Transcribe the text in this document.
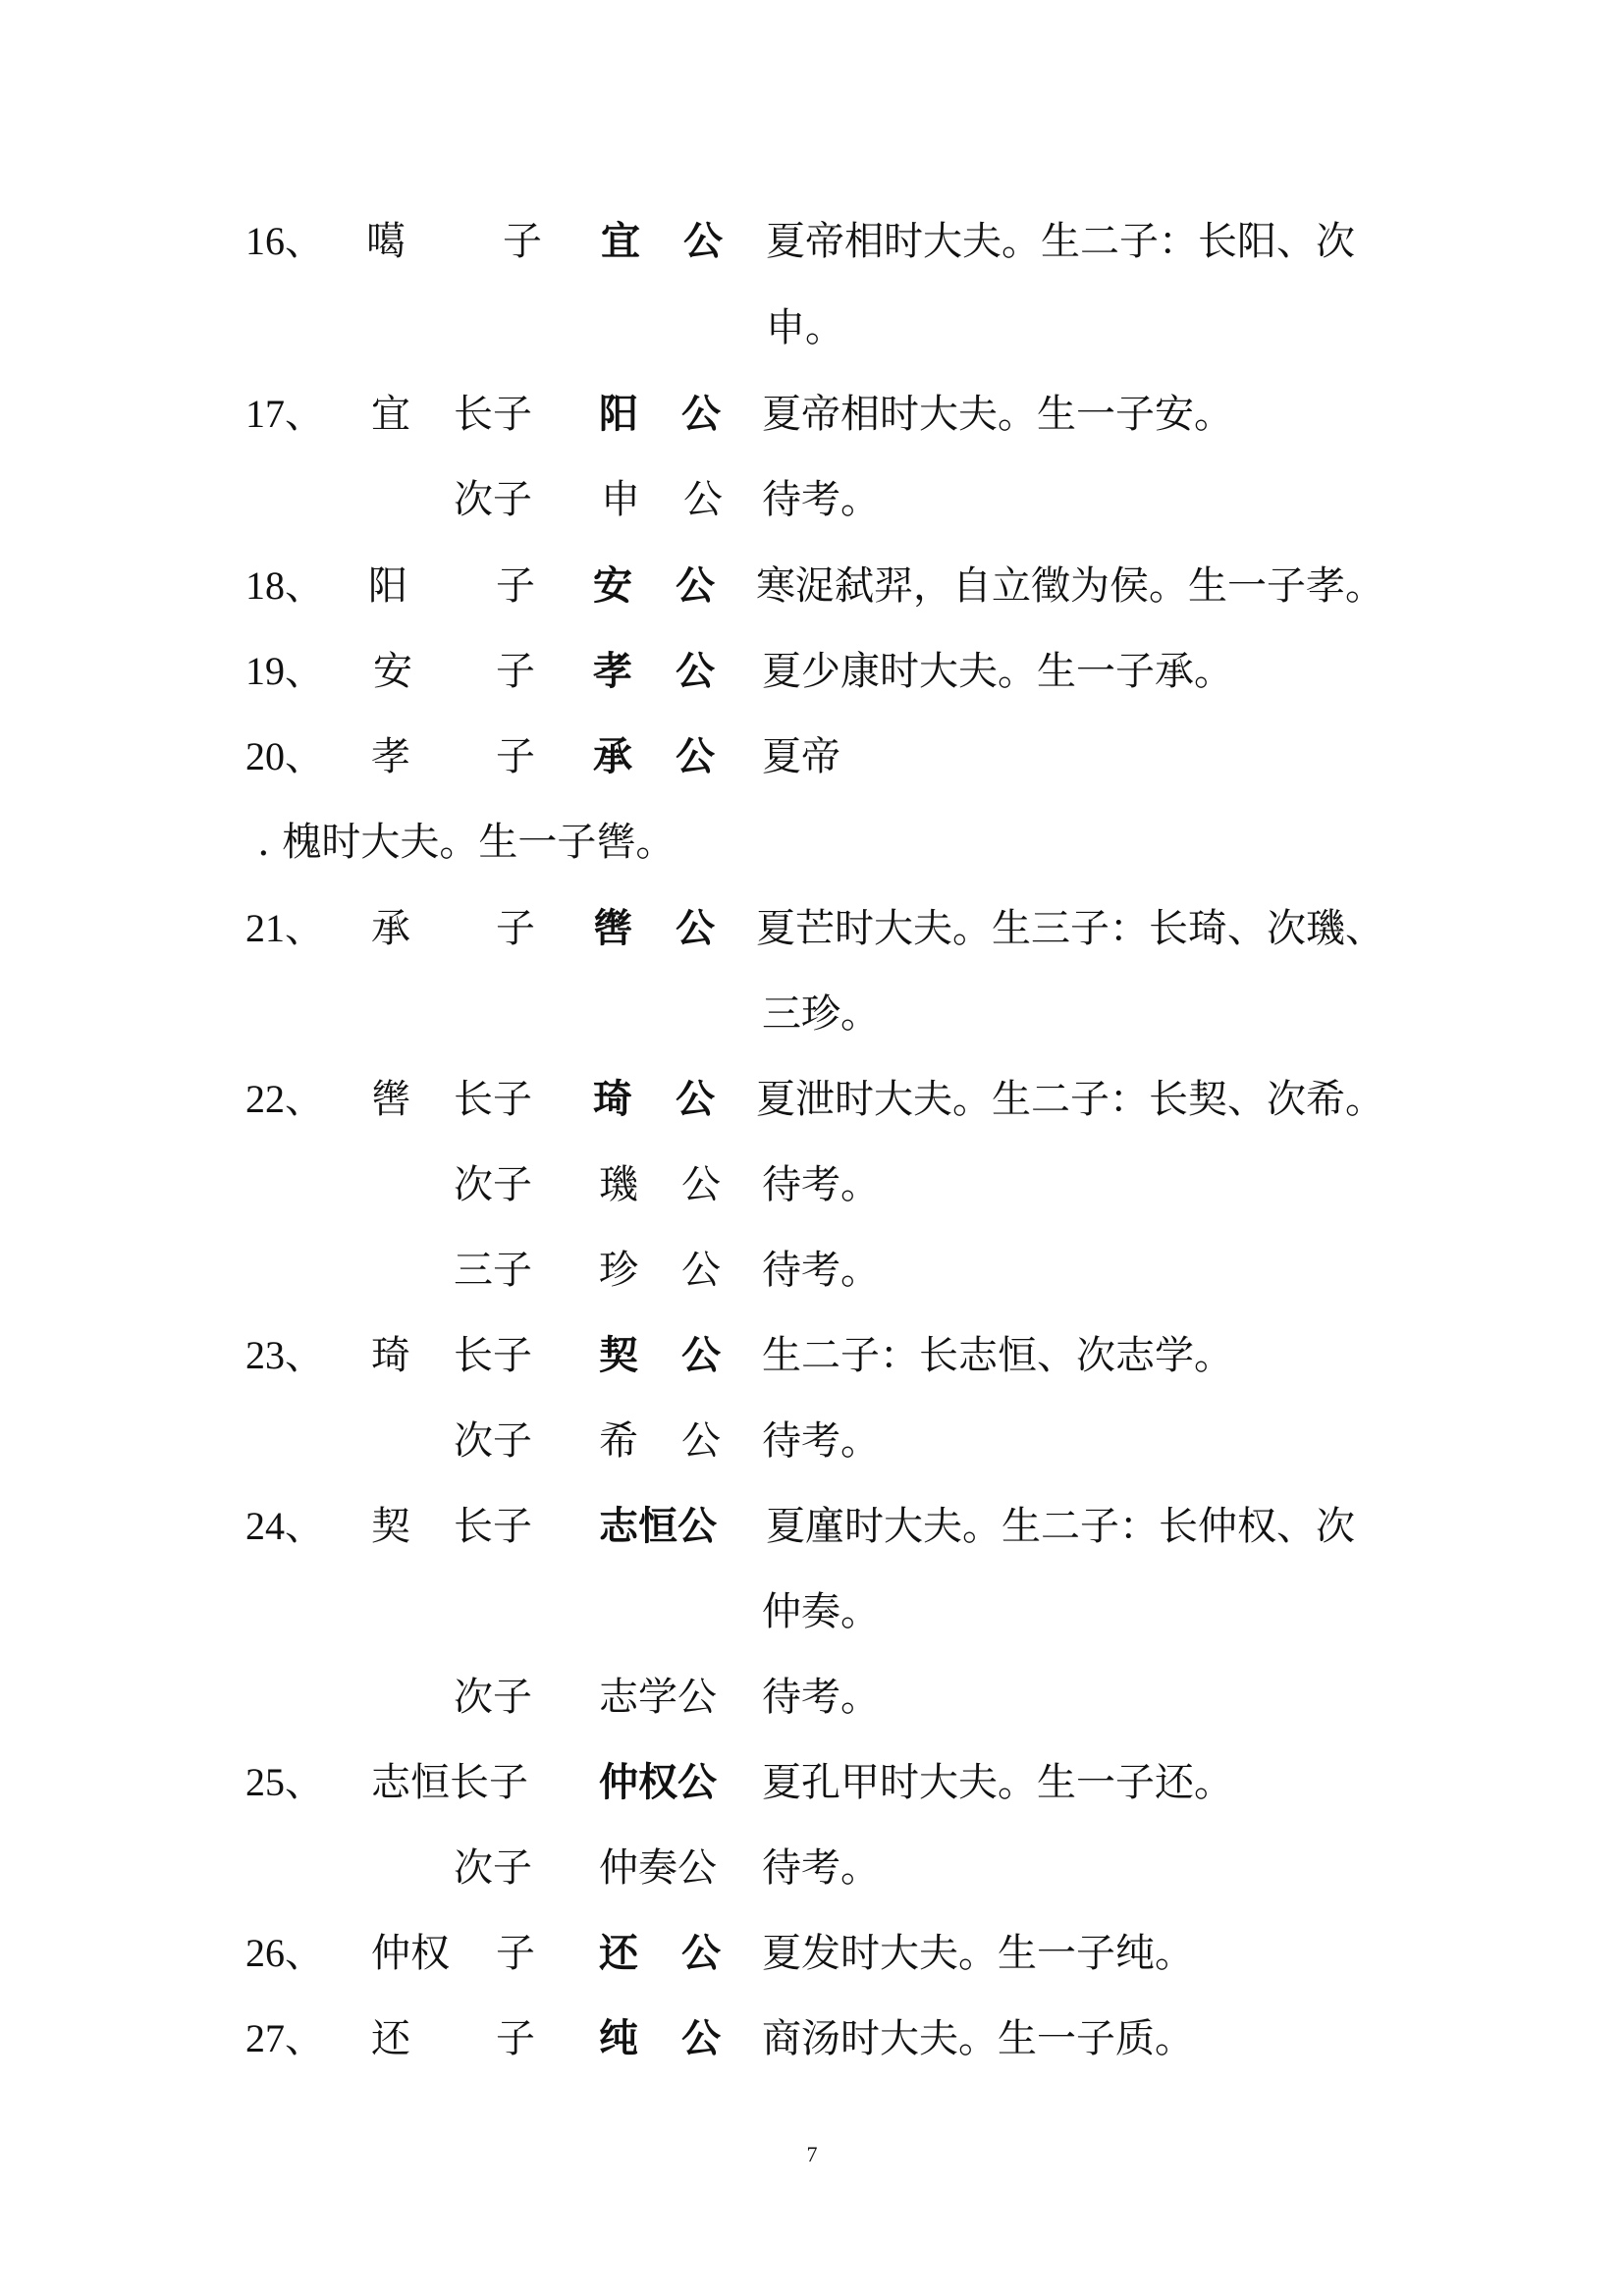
16、 噶 子 宜 公 夏帝相时大夫。生二子：长阳、次
申。
17、 宜 长子 阳 公 夏帝相时大夫。生一子安。
次子 申 公 待考。
18、 阳 子 安 公 寒浞弑羿，自立徵为侯。生一子孝。
19、 安 子 孝 公 夏少康时大夫。生一子承。
20、 孝 子 承 公 夏帝
. 槐时大夫。生一子辔。
21、 承 子 辔 公 夏芒时大夫。生三子：长琦、次璣、
三珍。
22、 辔 长子 琦 公 夏泄时大夫。生二子：长契、次希。
次子 璣 公 待考。
三子 珍 公 待考。
23、 琦 长子 契 公 生二子：长志恒、次志学。
次子 希 公 待考。
24、 契 长子 志恒公 夏廑时大夫。生二子：长仲权、次
仲奏。
次子 志学公 待考。
25、 志恒长子 仲权公 夏孔甲时大夫。生一子还。
次子 仲奏公 待考。
26、 仲权 子 还 公 夏发时大夫。生一子纯。
27、 还 子 纯 公 商汤时大夫。生一子质。
7
